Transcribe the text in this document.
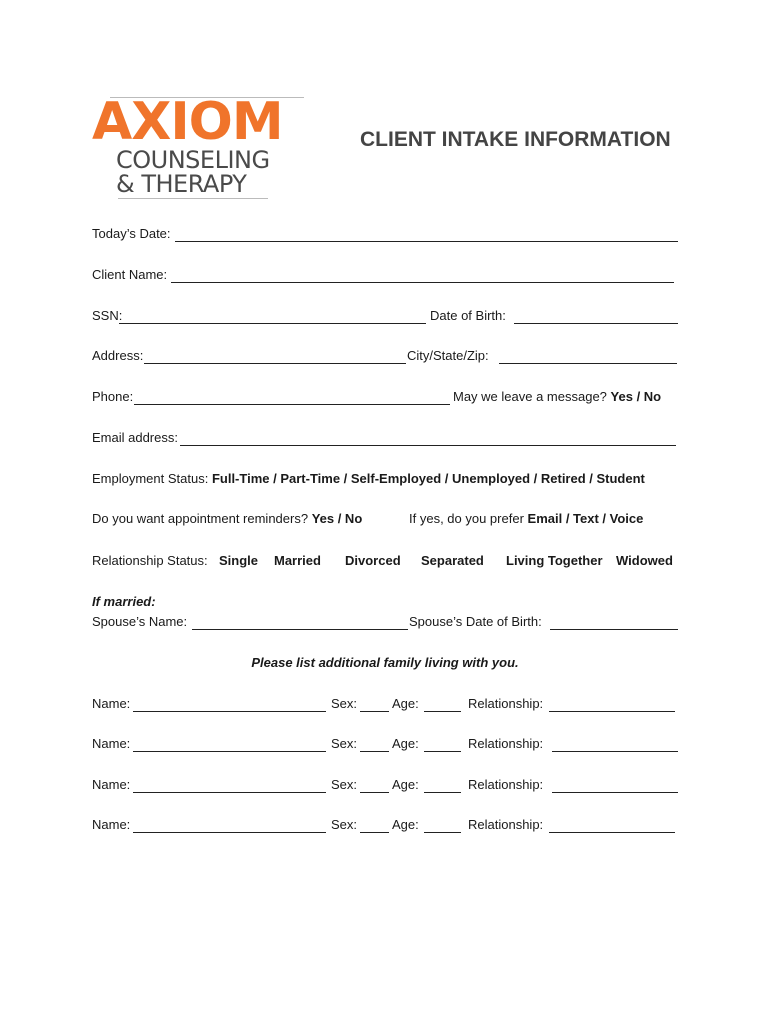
AXIOM
COUNSELING
& THERAPY
CLIENT INTAKE INFORMATION
Today’s Date:
Client Name:
SSN:	Date of Birth:
Address:	City/State/Zip:
Phone:	May we leave a message? Yes / No
Email address:
Employment Status: Full-Time / Part-Time / Self-Employed / Unemployed / Retired / Student
Do you want appointment reminders? Yes / No	If yes, do you prefer Email / Text / Voice
Relationship Status: Single Married Divorced Separated Living Together Widowed
If married:
Spouse’s Name:	Spouse’s Date of Birth:
Please list additional family living with you.
Name:	Sex:	Age:	Relationship:
Name:	Sex:	Age:	Relationship:
Name:	Sex:	Age:	Relationship:
Name:	Sex:	Age:	Relationship:
